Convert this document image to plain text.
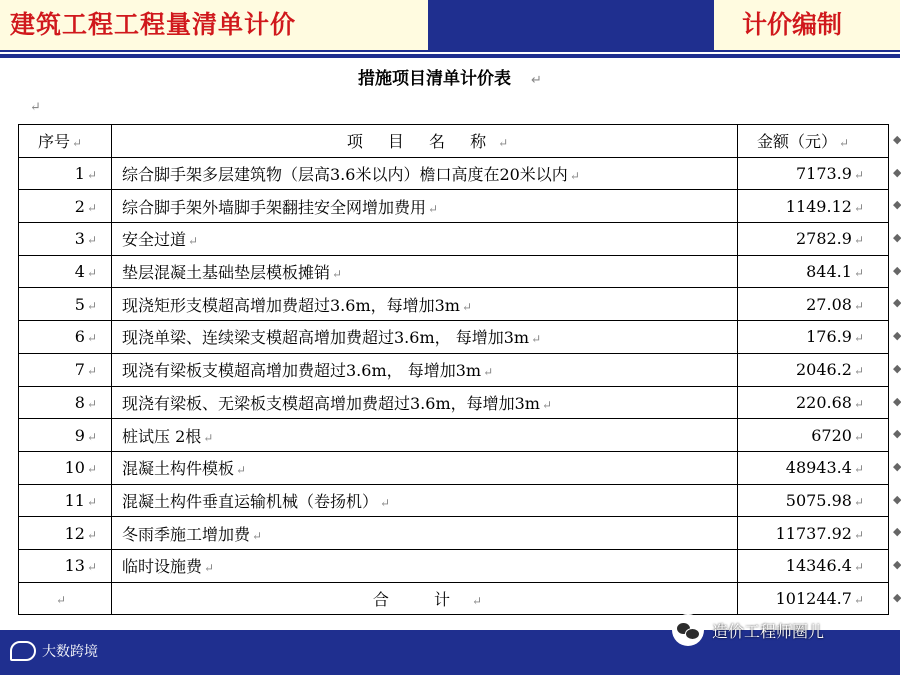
建筑工程工程量清单计价	计价编制
措施项目清单计价表 ↵
↵
序号 ↵	项 目 名 称 ↵	金额（元） ↵
1 ↵	综合脚手架多层建筑物（层高3.6米以内）檐口高度在20米以内 ↵	7173.9 ↵
2 ↵	综合脚手架外墙脚手架翻挂安全网增加费用 ↵	1149.12 ↵
3 ↵	安全过道 ↵	2782.9 ↵
4 ↵	垫层混凝土基础垫层模板摊销 ↵	844.1 ↵
5 ↵	现浇矩形支模超高增加费超过3.6m，每增加3m ↵	27.08 ↵
6 ↵	现浇单梁、连续梁支模超高增加费超过3.6m， 每增加3m ↵	176.9 ↵
7 ↵	现浇有梁板支模超高增加费超过3.6m， 每增加3m ↵	2046.2 ↵
8 ↵	现浇有梁板、无梁板支模超高增加费超过3.6m，每增加3m ↵	220.68 ↵
9 ↵	桩试压 2根 ↵	6720 ↵
10 ↵	混凝土构件模板 ↵	48943.4 ↵
11 ↵	混凝土构件垂直运输机械（卷扬机） ↵	5075.98 ↵
12 ↵	冬雨季施工增加费 ↵	11737.92 ↵
13 ↵	临时设施费 ↵	14346.4 ↵
↵	合 计 ↵	101244.7 ↵
◆
◆
◆
◆
◆
◆
◆
◆
◆
◆
◆
◆
◆
◆
◆
大数跨境
造价工程师圈儿
